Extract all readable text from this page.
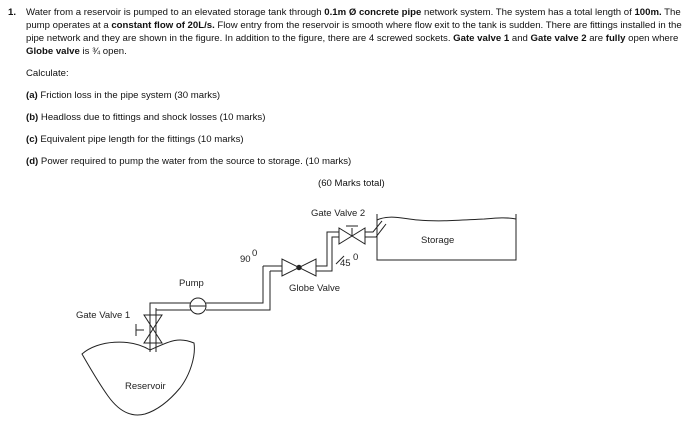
1. Water from a reservoir is pumped to an elevated storage tank through 0.1m Ø concrete pipe network system. The system has a total length of 100m. The pump operates at a constant flow of 20L/s. Flow entry from the reservoir is smooth where flow exit to the tank is sudden. There are fittings installed in the pipe network and they are shown in the figure. In addition to the figure, there are 4 screwed sockets. Gate valve 1 and Gate valve 2 are fully open where Globe valve is ¾ open.
Calculate:
(a) Friction loss in the pipe system (30 marks)
(b) Headloss due to fittings and shock losses (10 marks)
(c) Equivalent pipe length for the fittings (10 marks)
(d) Power required to pump the water from the source to storage. (10 marks)
(60 Marks total)
Gate Valve 2
Storage
90
0
45
0
Globe Valve
Pump
Gate Valve 1
Reservoir
